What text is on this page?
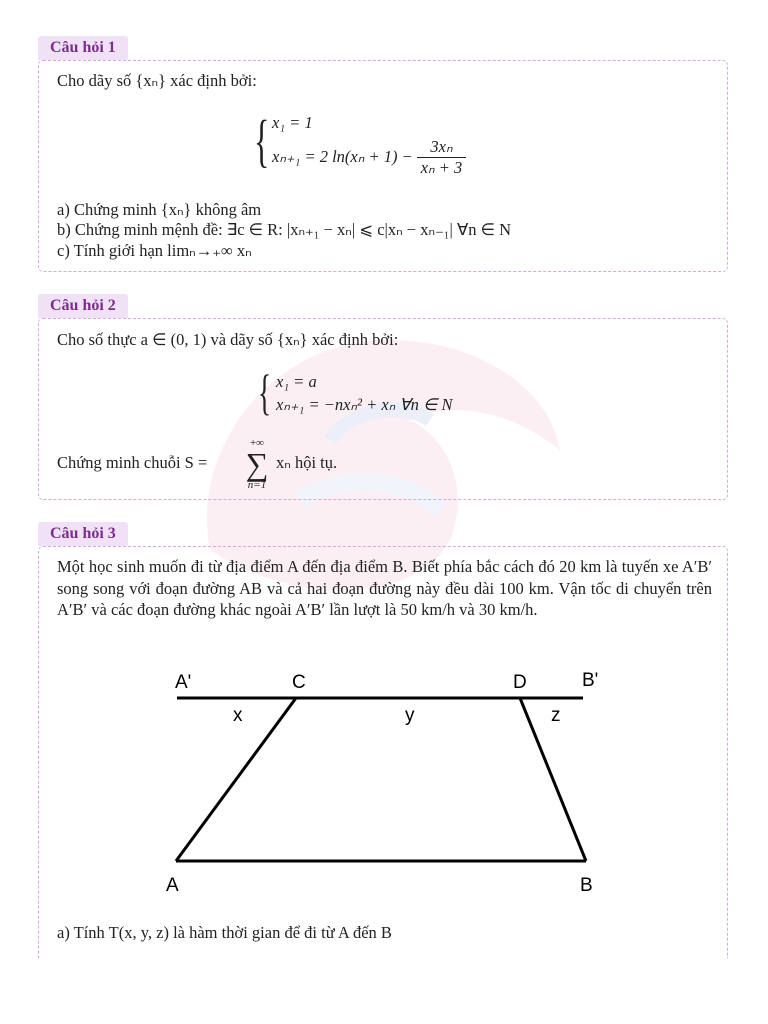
Câu hỏi 1
Cho dãy số {xₙ} xác định bởi:
{ x₁ = 1
xₙ₊₁ = 2 $\ln(x_n + 1) - \frac{\text{3xₙ}}{\text{xₙ + 3}}$
a) Chứng minh {xₙ} không âm
b) Chứng minh mệnh đề: ∃c ∈ R: |xₙ₊₁ − xₙ| ⩽ c|xₙ − xₙ₋₁| ∀n ∈ N
c) Tính giới hạn limₙ→₊∞ xₙ
Câu hỏi 2
Cho số thực a ∈ (0, 1) và dãy số {xₙ} xác định bởi:
{ x₁ = a
xₙ₊₁ = −nxₙ² + xₙ ∀n ∈ N
Chứng minh chuỗi S =
+∞
∑
n=1
xₙ hội tụ.
Câu hỏi 3
Một học sinh muốn đi từ địa điểm A đến địa điểm B. Biết phía bắc cách đó 20 km là tuyến xe A′B′ song song với đoạn đường AB và cả hai đoạn đường này đều dài 100 km. Vận tốc di chuyển trên A′B′ và các đoạn đường khác ngoài A′B′ lần lượt là 50 km/h và 30 km/h.
A'	C	D	B'
x	y	z
A	B
a) Tính T(x, y, z) là hàm thời gian để đi từ A đến B
